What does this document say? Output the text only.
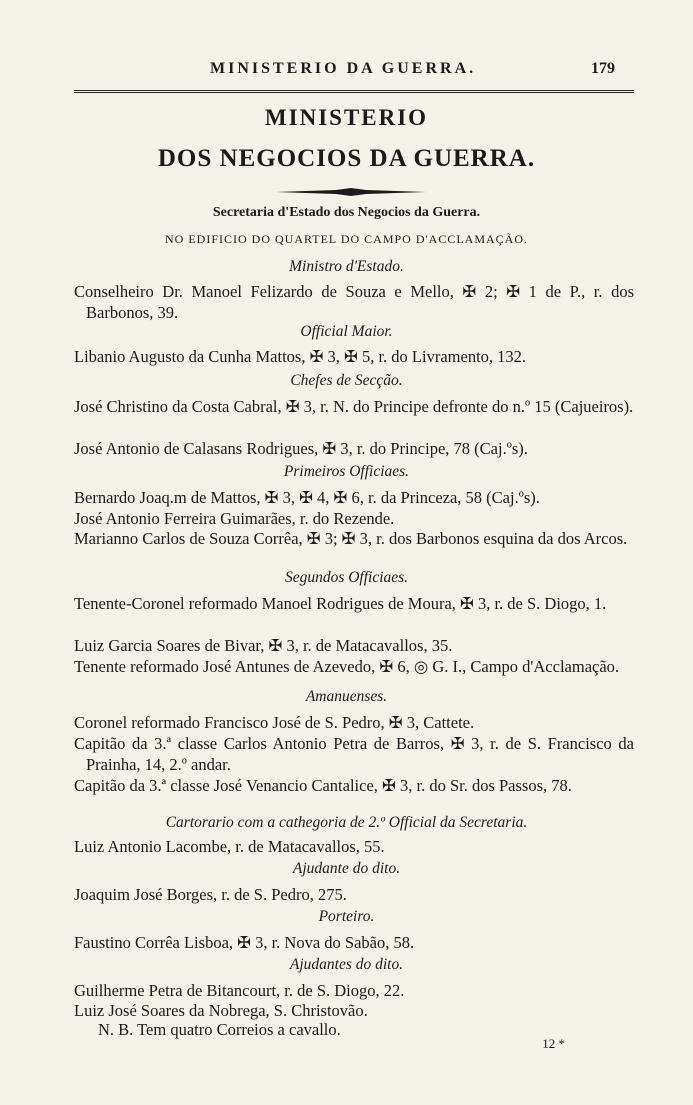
MINISTERIO DA GUERRA.	179
MINISTERIO
DOS NEGOCIOS DA GUERRA.
Secretaria d'Estado dos Negocios da Guerra.
NO EDIFICIO DO QUARTEL DO CAMPO D'ACCLAMAÇÃO.
Ministro d'Estado.
Conselheiro Dr. Manoel Felizardo de Souza e Mello, ✠ 2; ✠ 1 de P., r. dos Barbonos, 39.
Official Maior.
Libanio Augusto da Cunha Mattos, ✠ 3, ✠ 5, r. do Livramento, 132.
Chefes de Secção.
José Christino da Costa Cabral, ✠ 3, r. N. do Principe defronte do n.º 15 (Cajueiros).
José Antonio de Calasans Rodrigues, ✠ 3, r. do Principe, 78 (Caj.ºs).
Primeiros Officiaes.
Bernardo Joaq.m de Mattos, ✠ 3, ✠ 4, ✠ 6, r. da Princeza, 58 (Caj.ºs).
José Antonio Ferreira Guimarães, r. do Rezende.
Marianno Carlos de Souza Corrêa, ✠ 3; ✠ 3, r. dos Barbonos esquina da dos Arcos.
Segundos Officiaes.
Tenente-Coronel reformado Manoel Rodrigues de Moura, ✠ 3, r. de S. Diogo, 1.
Luiz Garcia Soares de Bivar, ✠ 3, r. de Matacavallos, 35.
Tenente reformado José Antunes de Azevedo, ✠ 6, ◎ G. I., Campo d'Acclamação.
Amanuenses.
Coronel reformado Francisco José de S. Pedro, ✠ 3, Cattete.
Capitão da 3.ª classe Carlos Antonio Petra de Barros, ✠ 3, r. de S. Francisco da Prainha, 14, 2.º andar.
Capitão da 3.ª classe José Venancio Cantalice, ✠ 3, r. do Sr. dos Passos, 78.
Cartorario com a cathegoria de 2.º Official da Secretaria.
Luiz Antonio Lacombe, r. de Matacavallos, 55.
Ajudante do dito.
Joaquim José Borges, r. de S. Pedro, 275.
Porteiro.
Faustino Corrêa Lisboa, ✠ 3, r. Nova do Sabão, 58.
Ajudantes do dito.
Guilherme Petra de Bitancourt, r. de S. Diogo, 22.
Luiz José Soares da Nobrega, S. Christovão.
N. B. Tem quatro Correios a cavallo.
12 *
